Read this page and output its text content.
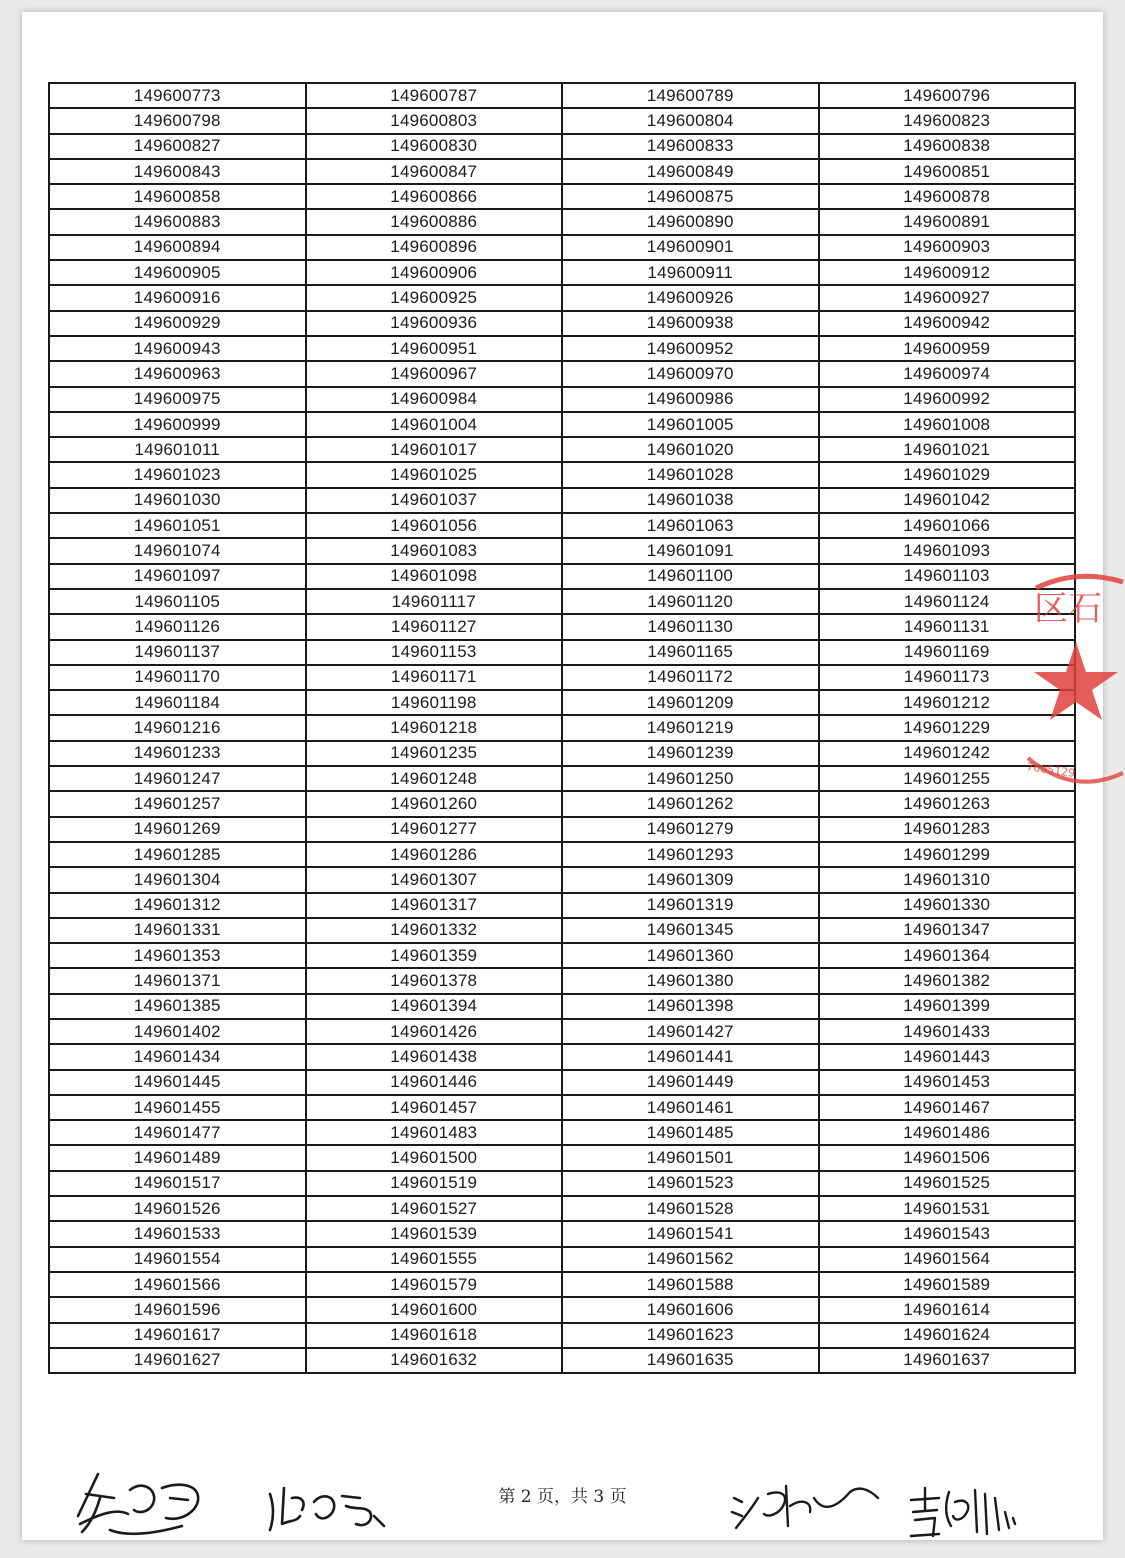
149600773	149600787	149600789	149600796
149600798	149600803	149600804	149600823
149600827	149600830	149600833	149600838
149600843	149600847	149600849	149600851
149600858	149600866	149600875	149600878
149600883	149600886	149600890	149600891
149600894	149600896	149600901	149600903
149600905	149600906	149600911	149600912
149600916	149600925	149600926	149600927
149600929	149600936	149600938	149600942
149600943	149600951	149600952	149600959
149600963	149600967	149600970	149600974
149600975	149600984	149600986	149600992
149600999	149601004	149601005	149601008
149601011	149601017	149601020	149601021
149601023	149601025	149601028	149601029
149601030	149601037	149601038	149601042
149601051	149601056	149601063	149601066
149601074	149601083	149601091	149601093
149601097	149601098	149601100	149601103
149601105	149601117	149601120	149601124
149601126	149601127	149601130	149601131
149601137	149601153	149601165	149601169
149601170	149601171	149601172	149601173
149601184	149601198	149601209	149601212
149601216	149601218	149601219	149601229
149601233	149601235	149601239	149601242
149601247	149601248	149601250	149601255
149601257	149601260	149601262	149601263
149601269	149601277	149601279	149601283
149601285	149601286	149601293	149601299
149601304	149601307	149601309	149601310
149601312	149601317	149601319	149601330
149601331	149601332	149601345	149601347
149601353	149601359	149601360	149601364
149601371	149601378	149601380	149601382
149601385	149601394	149601398	149601399
149601402	149601426	149601427	149601433
149601434	149601438	149601441	149601443
149601445	149601446	149601449	149601453
149601455	149601457	149601461	149601467
149601477	149601483	149601485	149601486
149601489	149601500	149601501	149601506
149601517	149601519	149601523	149601525
149601526	149601527	149601528	149601531
149601533	149601539	149601541	149601543
149601554	149601555	149601562	149601564
149601566	149601579	149601588	149601589
149601596	149601600	149601606	149601614
149601617	149601618	149601623	149601624
149601627	149601632	149601635	149601637
区石
7605129
第 2 页，共 3 页
